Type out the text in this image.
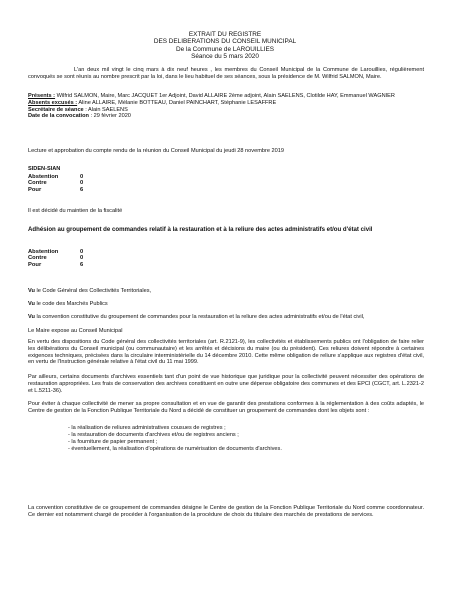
EXTRAIT DU REGISTRE
DES DELIBERATIONS DU CONSEIL MUNICIPAL
De la Commune de LAROUILLIES
Séance du 5 mars 2020
L'an deux mil vingt le cinq mars à dix neuf heures , les membres du Conseil Municipal de la Commune de Larouillies, régulièrement convoqués se sont réunis au nombre prescrit par la loi, dans le lieu habituel de ses séances, sous la présidence de M. Wilfrid SALMON, Maire.
Présents : Wilfrid SALMON, Maire, Marc JACQUET 1er Adjoint, David ALLAIRE 2ème adjoint, Alain SAELENS, Clotilde HAY, Emmanuel WAGNIER
Absents excusés : Aline ALLAIRE, Mélanie BOTTEAU, Daniel PAINCHART, Stéphanie LESAFFRE
Secrétaire de séance : Alain SAELENS
Date de la convocation : 29 février 2020
Lecture et approbation du compte rendu de la réunion du Conseil Municipal du jeudi 28 novembre 2019
SIDEN-SIAN
Abstention	0
Contre	0
Pour	6
Il est décidé du maintien de la fiscalité
Adhésion au groupement de commandes relatif à la restauration et à la reliure des actes administratifs et/ou d'état civil
Abstention	0
Contre	0
Pour	6
Vu le Code Général des Collectivités Territoriales,
Vu le code des Marchés Publics
Vu la convention constitutive du groupement de commandes pour la restauration et la reliure des actes administratifs et/ou de l'état civil,
Le Maire expose au Conseil Municipal
En vertu des dispositions du Code général des collectivités territoriales (art. R.2121-9), les collectivités et établissements publics ont l'obligation de faire relier les délibérations du Conseil municipal (ou communautaire) et les arrêtés et décisions du maire (ou du président). Ces reliures doivent répondre à certaines exigences techniques, précisées dans la circulaire interministérielle du 14 décembre 2010. Cette même obligation de reliure s'applique aux registres d'état civil, en vertu de l'Instruction générale relative à l'état civil du 11 mai 1999.
Par ailleurs, certains documents d'archives essentiels tant d'un point de vue historique que juridique pour la collectivité peuvent nécessiter des opérations de restauration appropriées. Les frais de conservation des archives constituent en outre une dépense obligatoire des communes et des EPCI (CGCT, art. L.2321-2 et L.5211-36).
Pour éviter à chaque collectivité de mener sa propre consultation et en vue de garantir des prestations conformes à la réglementation à des coûts adaptés, le Centre de gestion de la Fonction Publique Territoriale du Nord a décidé de constituer un groupement de commandes dont les objets sont :
- la réalisation de reliures administratives cousues de registres ;
- la restauration de documents d'archives et/ou de registres anciens ;
- la fourniture de papier permanent ;
- éventuellement, la réalisation d'opérations de numérisation de documents d'archives.
La convention constitutive de ce groupement de commandes désigne le Centre de gestion de la Fonction Publique Territoriale du Nord comme coordonnateur. Ce dernier est notamment chargé de procéder à l'organisation de la procédure de choix du titulaire des marchés de prestations de services.
